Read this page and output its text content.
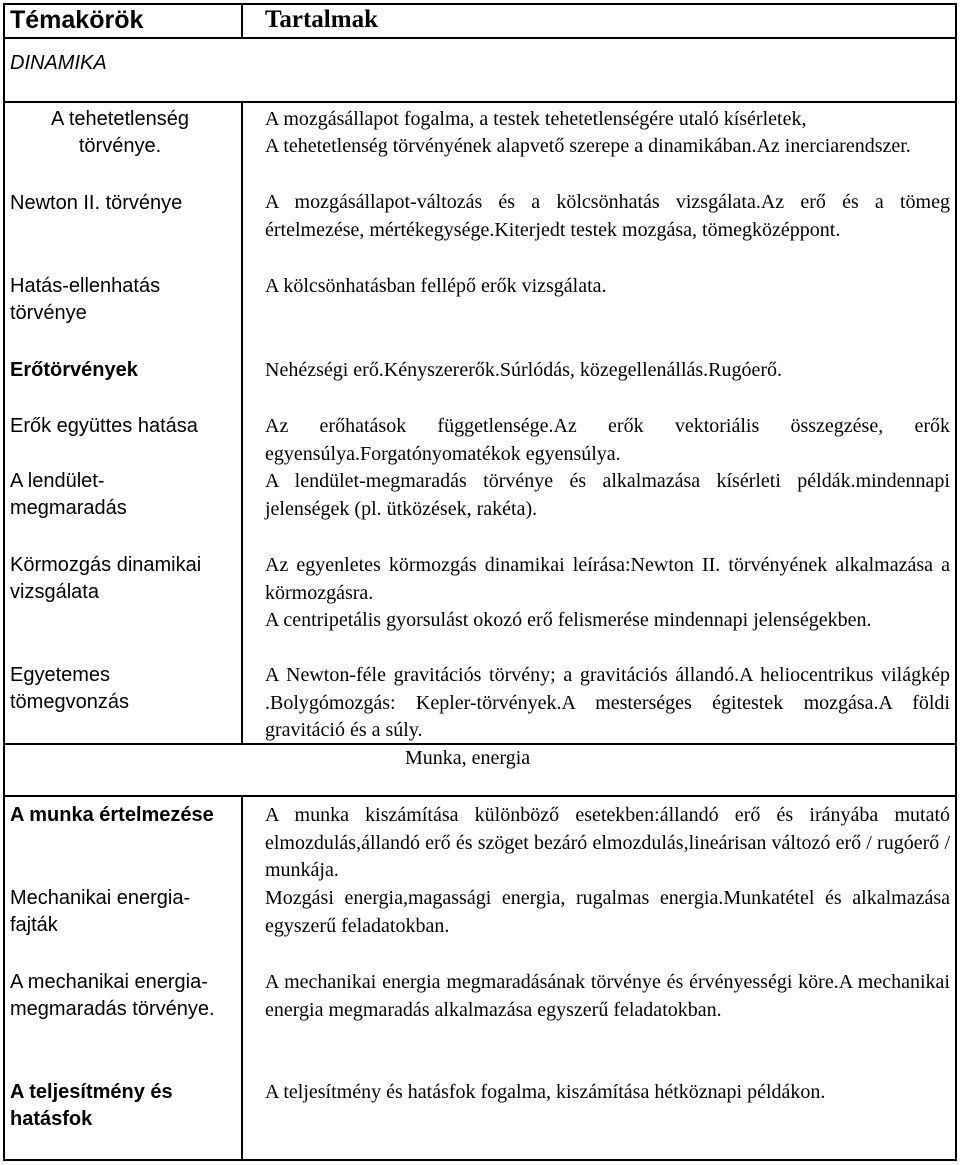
Témakörök	Tartalmak
DINAMIKA
A tehetetlenség törvénye.
Newton II. törvénye
Hatás-ellenhatás törvénye
Erőtörvények
Erők együttes hatása
A lendület-megmaradás
Körmozgás dinamikai vizsgálata
Egyetemes tömegvonzás
A munka értelmezése
Mechanikai energia-fajták
A mechanikai energia-megmaradás törvénye.
A teljesítmény és hatásfok
A mozgásállapot fogalma, a testek tehetetlenségére utaló kísérletek,
A tehetetlenség törvényének alapvető szerepe a dinamikában.Az inerciarendszer.
A mozgásállapot-változás és a kölcsönhatás vizsgálata.Az erő és a tömeg értelmezése, mértékegysége.Kiterjedt testek mozgása, tömegközéppont.
A kölcsönhatásban fellépő erők vizsgálata.
Nehézségi erő.Kényszererők.Súrlódás, közegellenállás.Rugóerő.
Az erőhatások függetlensége.Az erők vektoriális összegzése, erők egyensúlya.Forgatónyomatékok egyensúlya.
A lendület-megmaradás törvénye és alkalmazása kísérleti példák.mindennapi jelenségek (pl. ütközések, rakéta).
Az egyenletes körmozgás dinamikai leírása:Newton II. törvényének alkalmazása a körmozgásra.
A centripetális gyorsulást okozó erő felismerése mindennapi jelenségekben.
A Newton-féle gravitációs törvény; a gravitációs állandó.A heliocentrikus világkép .Bolygómozgás: Kepler-törvények.A mesterséges égitestek mozgása.A földi gravitáció és a súly.
Munka, energia
A munka kiszámítása különböző esetekben:állandó erő és irányába mutató elmozdulás,állandó erő és szöget bezáró elmozdulás,lineárisan változó erő / rugóerő / munkája.
Mozgási energia,magassági energia, rugalmas energia.Munkatétel és alkalmazása egyszerű feladatokban.
A mechanikai energia megmaradásának törvénye és érvényességi köre.A mechanikai energia megmaradás alkalmazása egyszerű feladatokban.
A teljesítmény és hatásfok fogalma, kiszámítása hétköznapi példákon.
